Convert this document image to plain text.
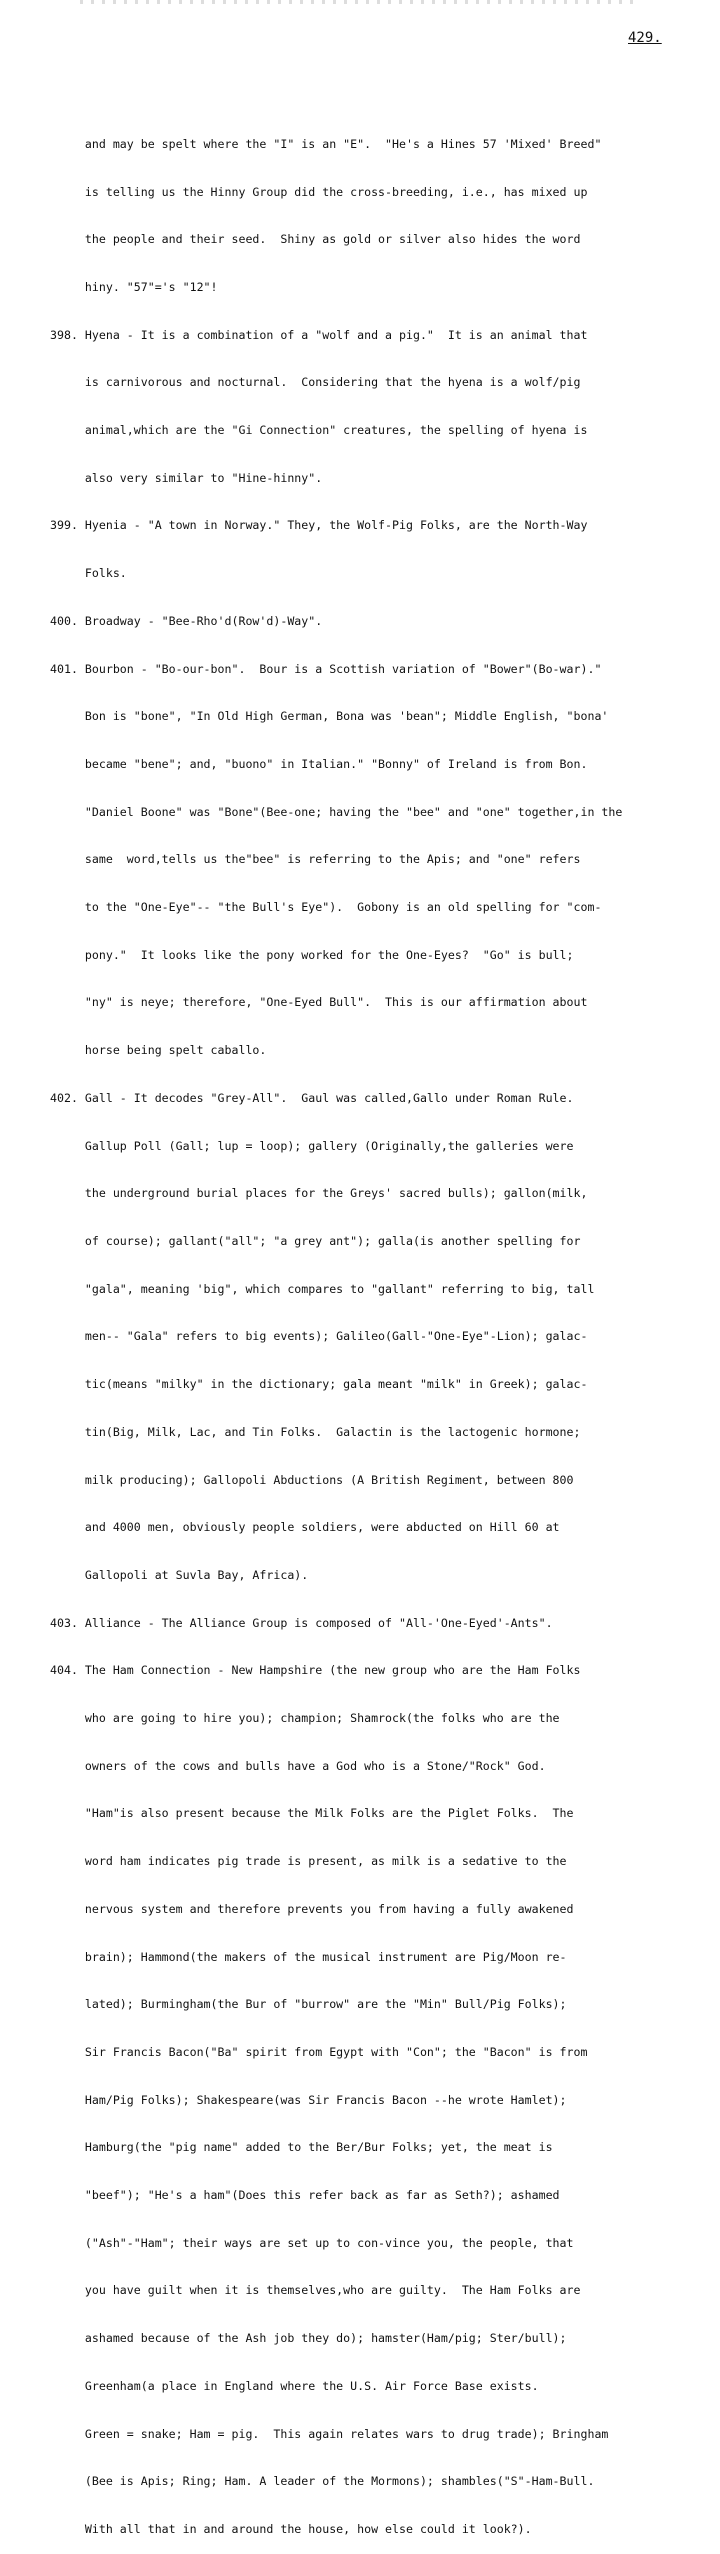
429.

and may be spelt where the "I" is an "E".  "He's a Hines 57 'Mixed' Breed"

is telling us the Hinny Group did the cross-breeding, i.e., has mixed up

the people and their seed.  Shiny as gold or silver also hides the word

hiny. "57"='s "12"!

398. Hyena - It is a combination of a "wolf and a pig."  It is an animal that

is carnivorous and nocturnal.  Considering that the hyena is a wolf/pig

animal,which are the "Gi Connection" creatures, the spelling of hyena is

also very similar to "Hine-hinny".

399. Hyenia - "A town in Norway." They, the Wolf-Pig Folks, are the North-Way

Folks.

400. Broadway - "Bee-Rho'd(Row'd)-Way".

401. Bourbon - "Bo-our-bon".  Bour is a Scottish variation of "Bower"(Bo-war)."

Bon is "bone", "In Old High German, Bona was 'bean"; Middle English, "bona'

became "bene"; and, "buono" in Italian." "Bonny" of Ireland is from Bon.

"Daniel Boone" was "Bone"(Bee-one; having the "bee" and "one" together,in the

same  word,tells us the"bee" is referring to the Apis; and "one" refers

to the "One-Eye"-- "the Bull's Eye").  Gobony is an old spelling for "com-

pony."  It looks like the pony worked for the One-Eyes?  "Go" is bull;

"ny" is neye; therefore, "One-Eyed Bull".  This is our affirmation about

horse being spelt caballo.

402. Gall - It decodes "Grey-All".  Gaul was called,Gallo under Roman Rule.

Gallup Poll (Gall; lup = loop); gallery (Originally,the galleries were

the underground burial places for the Greys' sacred bulls); gallon(milk,

of course); gallant("all"; "a grey ant"); galla(is another spelling for

"gala", meaning 'big", which compares to "gallant" referring to big, tall

men-- "Gala" refers to big events); Galileo(Gall-"One-Eye"-Lion); galac-

tic(means "milky" in the dictionary; gala meant "milk" in Greek); galac-

tin(Big, Milk, Lac, and Tin Folks.  Galactin is the lactogenic hormone;

milk producing); Gallopoli Abductions (A British Regiment, between 800

and 4000 men, obviously people soldiers, were abducted on Hill 60 at

Gallopoli at Suvla Bay, Africa).

403. Alliance - The Alliance Group is composed of "All-'One-Eyed'-Ants".

404. The Ham Connection - New Hampshire (the new group who are the Ham Folks

who are going to hire you); champion; Shamrock(the folks who are the

owners of the cows and bulls have a God who is a Stone/"Rock" God.

"Ham"is also present because the Milk Folks are the Piglet Folks.  The

word ham indicates pig trade is present, as milk is a sedative to the

nervous system and therefore prevents you from having a fully awakened

brain); Hammond(the makers of the musical instrument are Pig/Moon re-

lated); Burmingham(the Bur of "burrow" are the "Min" Bull/Pig Folks);

Sir Francis Bacon("Ba" spirit from Egypt with "Con"; the "Bacon" is from

Ham/Pig Folks); Shakespeare(was Sir Francis Bacon --he wrote Hamlet);

Hamburg(the "pig name" added to the Ber/Bur Folks; yet, the meat is

"beef"); "He's a ham"(Does this refer back as far as Seth?); ashamed

("Ash"-"Ham"; their ways are set up to con-vince you, the people, that

you have guilt when it is themselves,who are guilty.  The Ham Folks are

ashamed because of the Ash job they do); hamster(Ham/pig; Ster/bull);

Greenham(a place in England where the U.S. Air Force Base exists.

Green = snake; Ham = pig.  This again relates wars to drug trade); Bringham

(Bee is Apis; Ring; Ham. A leader of the Mormons); shambles("S"-Ham-Bull.

With all that in and around the house, how else could it look?).
